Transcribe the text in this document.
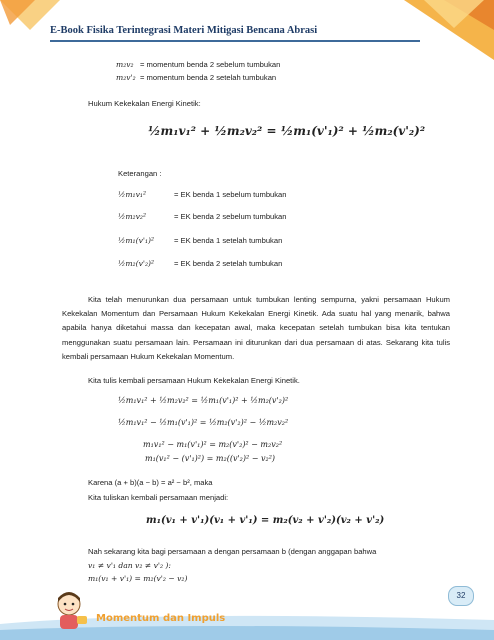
E-Book Fisika Terintegrasi Materi Mitigasi Bencana Abrasi
m₂v₂ = momentum benda 2 sebelum tumbukan
m₂v'₂ = momentum benda 2 setelah tumbukan
Hukum Kekekalan Energi Kinetik:
½m₁v₁² + ½m₂v₂² = ½m₁(v'₁)² + ½m₂(v'₂)²
Keterangan :
½m₁v₁²	= EK benda 1 sebelum tumbukan
½m₂v₂²	= EK benda 2 sebelum tumbukan
½m₁(v'₁)²	= EK benda 1 setelah tumbukan
½m₂(v'₂)²	= EK benda 2 setelah tumbukan
Kita telah menurunkan dua persamaan untuk tumbukan lenting sempurna, yakni persamaan Hukum Kekekalan Momentum dan Persamaan Hukum Kekekalan Energi Kinetik. Ada suatu hal yang menarik, bahwa apabila hanya diketahui massa dan kecepatan awal, maka kecepatan setelah tumbukan bisa kita tentukan menggunakan suatu persamaan lain. Persamaan ini diturunkan dari dua persamaan di atas. Sekarang kita tulis kembali persamaan Hukum Kekekalan Momentum.
Kita tulis kembali persamaan Hukum Kekekalan Energi Kinetik.
½m₁v₁² + ½m₂v₂² = ½m₁(v'₁)² + ½m₂(v'₂)²
½m₁v₁² − ½m₁(v'₁)² = ½m₂(v'₂)² − ½m₂v₂²
m₁v₁² − m₁(v'₁)² = m₂(v'₂)² − m₂v₂²
m₁(v₁² − (v'₁)²) = m₂((v'₂)² − v₂²)
Karena (a + b)(a − b) = a² − b², maka
Kita tuliskan kembali persamaan menjadi:
m₁(v₁ + v'₁)(v₁ + v'₁) = m₂(v₂ + v'₂)(v₂ + v'₂)
Nah sekarang kita bagi persamaan a dengan persamaan b (dengan anggapan bahwa
v₁ ≠ v'₁ dan v₂ ≠ v'₂ ):
m₁(v₁ + v'₁) = m₂(v'₂ − v₂)
Momentum dan Impuls
32
